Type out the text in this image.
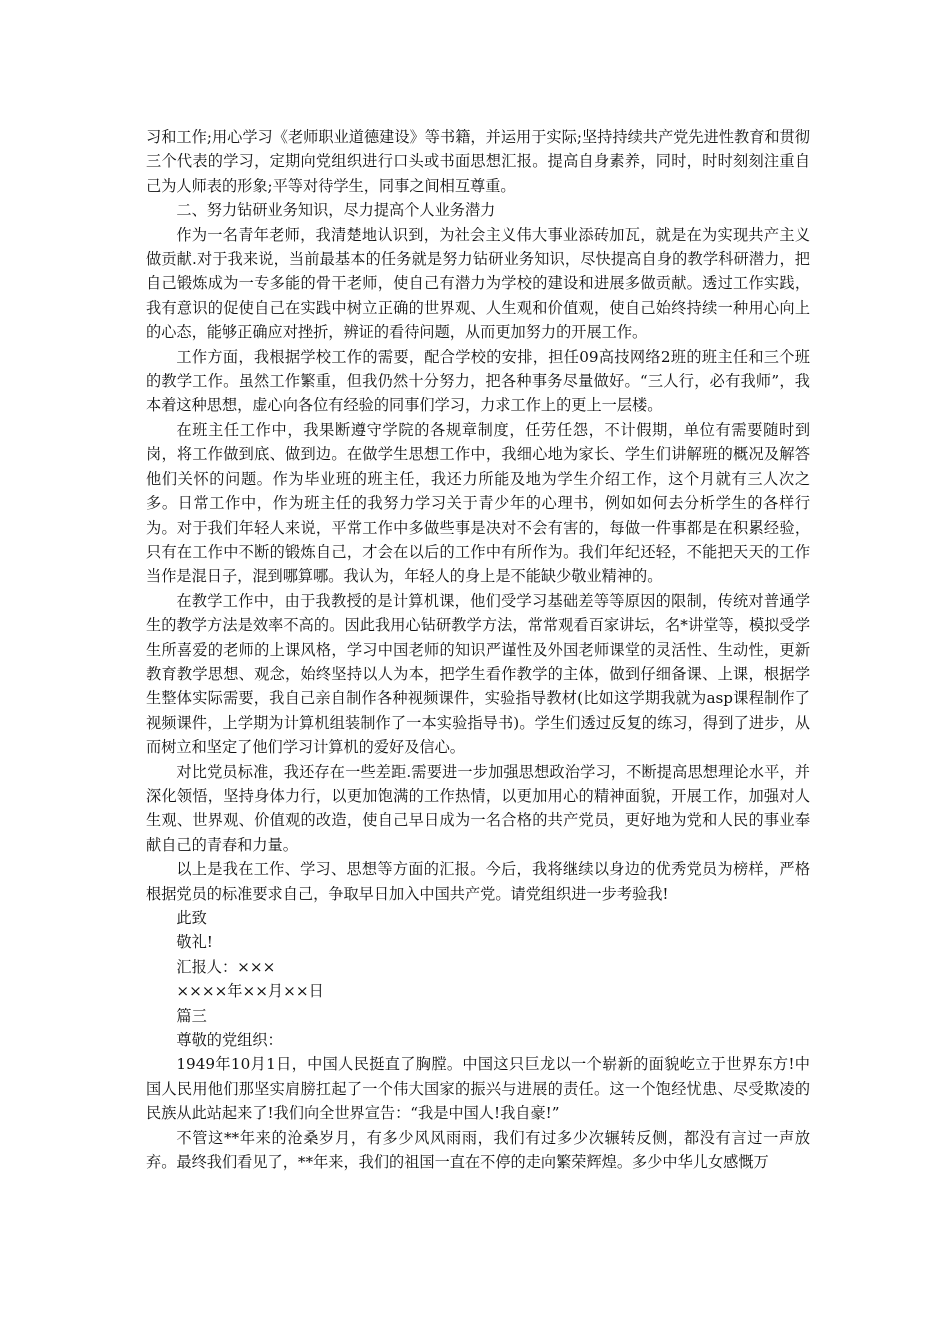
习和工作;用心学习《老师职业道德建设》等书籍，并运用于实际;坚持持续共产党先进性教育和贯彻三个代表的学习，定期向党组织进行口头或书面思想汇报。提高自身素养，同时，时时刻刻注重自己为人师表的形象;平等对待学生，同事之间相互尊重。

二、努力钻研业务知识，尽力提高个人业务潜力

作为一名青年老师，我清楚地认识到，为社会主义伟大事业添砖加瓦，就是在为实现共产主义做贡献.对于我来说，当前最基本的任务就是努力钻研业务知识，尽快提高自身的教学科研潜力，把自己锻炼成为一专多能的骨干老师，使自己有潜力为学校的建设和进展多做贡献。透过工作实践，我有意识的促使自己在实践中树立正确的世界观、人生观和价值观，使自己始终持续一种用心向上的心态，能够正确应对挫折，辨证的看待问题，从而更加努力的开展工作。

工作方面，我根据学校工作的需要，配合学校的安排，担任09高技网络2班的班主任和三个班的教学工作。虽然工作繁重，但我仍然十分努力，把各种事务尽量做好。“三人行，必有我师”，我本着这种思想，虚心向各位有经验的同事们学习，力求工作上的更上一层楼。

在班主任工作中，我果断遵守学院的各规章制度，任劳任怨，不计假期，单位有需要随时到岗，将工作做到底、做到边。在做学生思想工作中，我细心地为家长、学生们讲解班的概况及解答他们关怀的问题。作为毕业班的班主任，我还力所能及地为学生介绍工作，这个月就有三人次之多。日常工作中，作为班主任的我努力学习关于青少年的心理书，例如如何去分析学生的各样行为。对于我们年轻人来说，平常工作中多做些事是决对不会有害的，每做一件事都是在积累经验，只有在工作中不断的锻炼自己，才会在以后的工作中有所作为。我们年纪还轻，不能把天天的工作当作是混日子，混到哪算哪。我认为，年轻人的身上是不能缺少敬业精神的。

在教学工作中，由于我教授的是计算机课，他们受学习基础差等等原因的限制，传统对普通学生的教学方法是效率不高的。因此我用心钻研教学方法，常常观看百家讲坛，名*讲堂等，模拟受学生所喜爱的老师的上课风格，学习中国老师的知识严谨性及外国老师课堂的灵活性、生动性，更新教育教学思想、观念，始终坚持以人为本，把学生看作教学的主体，做到仔细备课、上课，根据学生整体实际需要，我自己亲自制作各种视频课件，实验指导教材(比如这学期我就为asp课程制作了视频课件，上学期为计算机组装制作了一本实验指导书)。学生们透过反复的练习，得到了进步，从而树立和坚定了他们学习计算机的爱好及信心。

对比党员标准，我还存在一些差距.需要进一步加强思想政治学习，不断提高思想理论水平，并深化领悟，坚持身体力行，以更加饱满的工作热情，以更加用心的精神面貌，开展工作，加强对人生观、世界观、价值观的改造，使自己早日成为一名合格的共产党员，更好地为党和人民的事业奉献自己的青春和力量。

以上是我在工作、学习、思想等方面的汇报。今后，我将继续以身边的优秀党员为榜样，严格根据党员的标准要求自己，争取早日加入中国共产党。请党组织进一步考验我!

此致

敬礼!

汇报人：×××

××××年××月××日

篇三

尊敬的党组织：

1949年10月1日，中国人民挺直了胸膛。中国这只巨龙以一个崭新的面貌屹立于世界东方!中国人民用他们那坚实肩膀扛起了一个伟大国家的振兴与进展的责任。这一个饱经忧患、尽受欺凌的民族从此站起来了!我们向全世界宣告：“我是中国人!我自豪!”

不管这**年来的沧桑岁月，有多少风风雨雨，我们有过多少次辗转反侧，都没有言过一声放弃。最终我们看见了，**年来，我们的祖国一直在不停的走向繁荣辉煌。多少中华儿女感慨万
